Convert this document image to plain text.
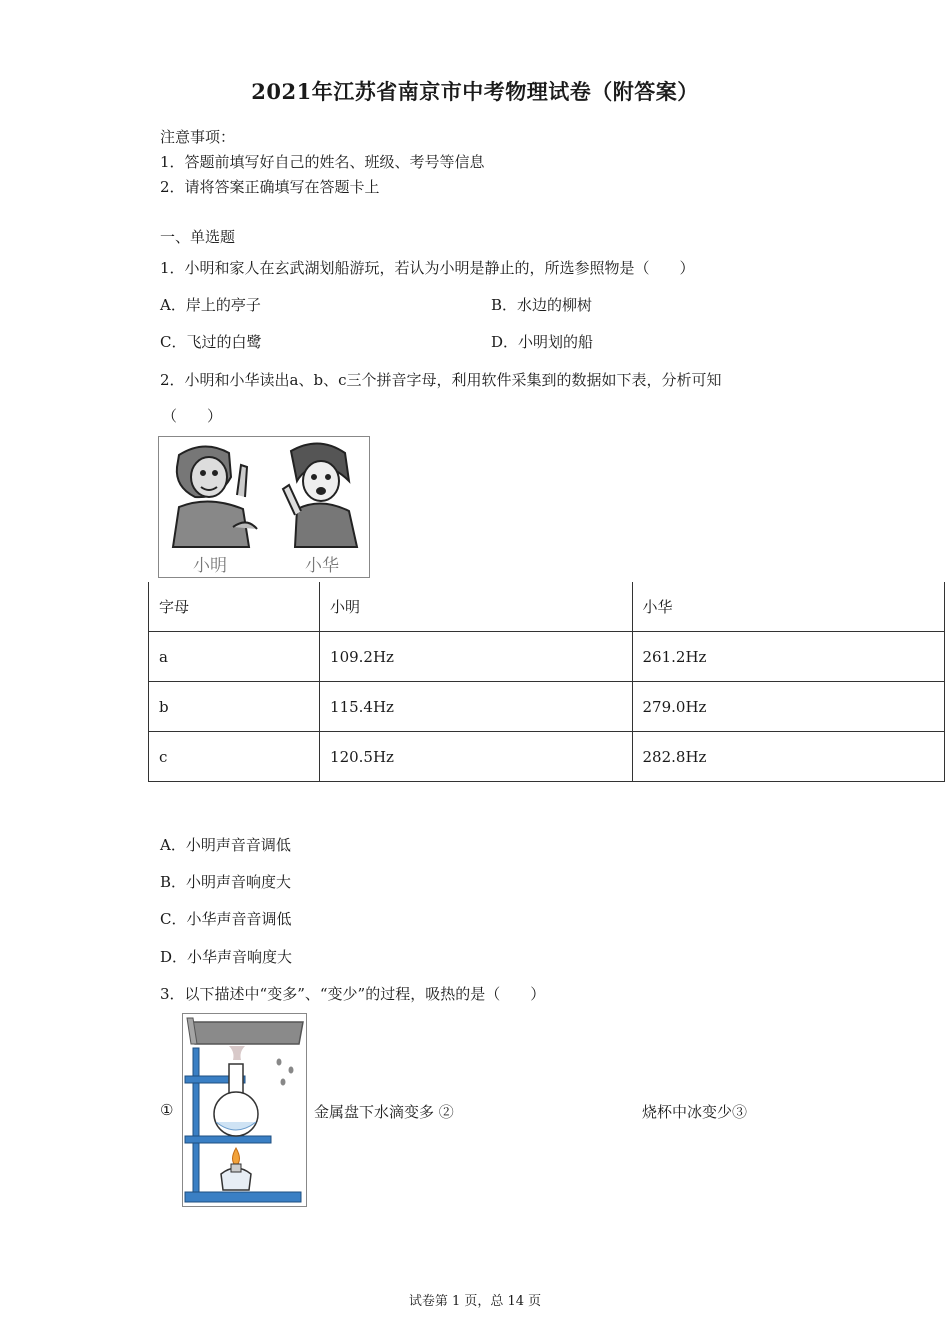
2021年江苏省南京市中考物理试卷（附答案）
注意事项：
1．答题前填写好自己的姓名、班级、考号等信息
2．请将答案正确填写在答题卡上
一、单选题
1．小明和家人在玄武湖划船游玩，若认为小明是静止的，所选参照物是（　　）
A．岸上的亭子	B．水边的柳树
C．飞过的白鹭	D．小明划的船
2．小明和小华读出a、b、c三个拼音字母，利用软件采集到的数据如下表，分析可知
（　　）
小明	小华
字母	小明	小华
a	109.2Hz	261.2Hz
b	115.4Hz	279.0Hz
c	120.5Hz	282.8Hz
A．小明声音音调低
B．小明声音响度大
C．小华声音音调低
D．小华声音响度大
3．以下描述中“变多”、“变少”的过程，吸热的是（　　）
①	金属盘下水滴变多 ②	烧杯中冰变少③
试卷第 1 页，总 14 页
